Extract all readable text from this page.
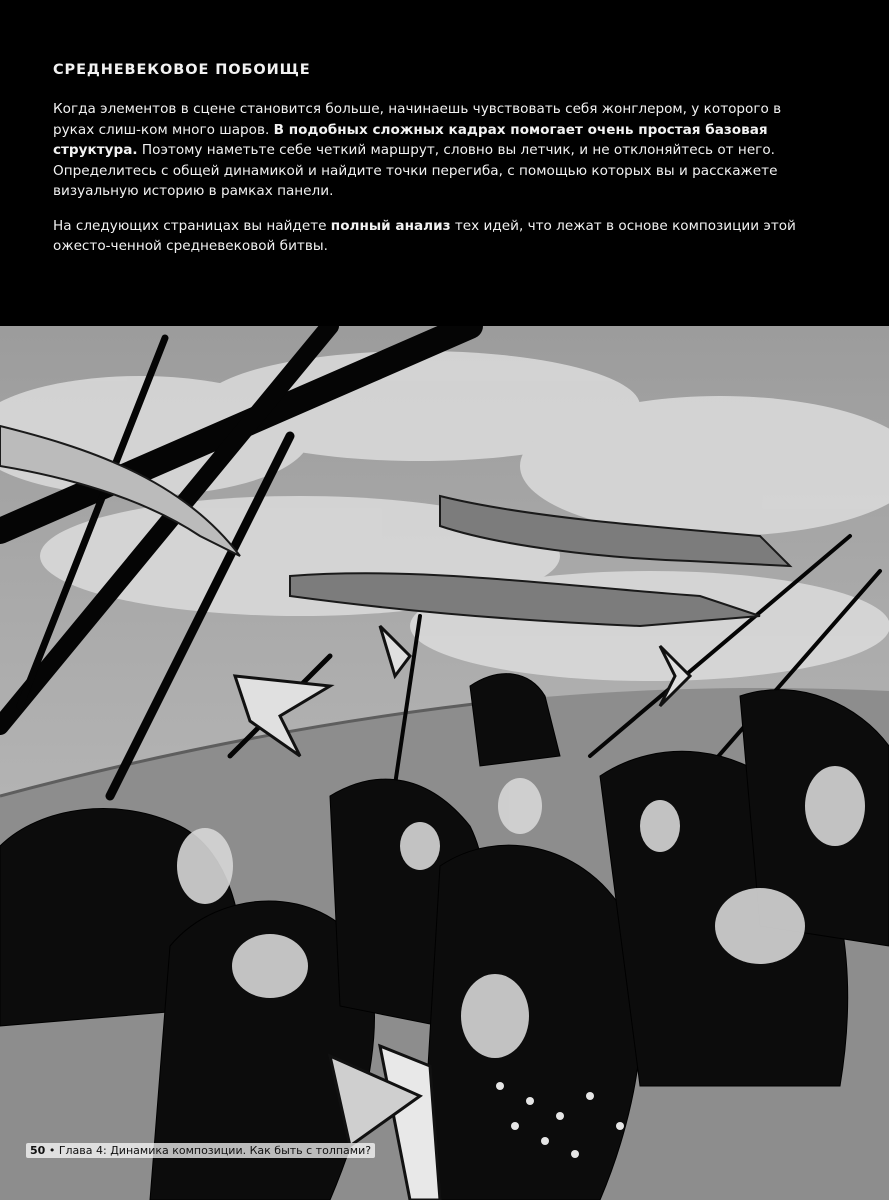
СРЕДНЕВЕКОВОЕ ПОБОИЩЕ

Когда элементов в сцене становится больше, начинаешь чувствовать себя жонглером, у которого в руках слиш-ком много шаров. В подобных сложных кадрах помогает очень простая базовая структура. Поэтому наметьте себе четкий маршрут, словно вы летчик, и не отклоняйтесь от него. Определитесь с общей динамикой и найдите точки перегиба, с помощью которых вы и расскажете визуальную историю в рамках панели.

На следующих страницах вы найдете полный анализ тех идей, что лежат в основе композиции этой ожесто-ченной средневековой битвы.

50 • Глава 4: Динамика композиции. Как быть с толпами?
